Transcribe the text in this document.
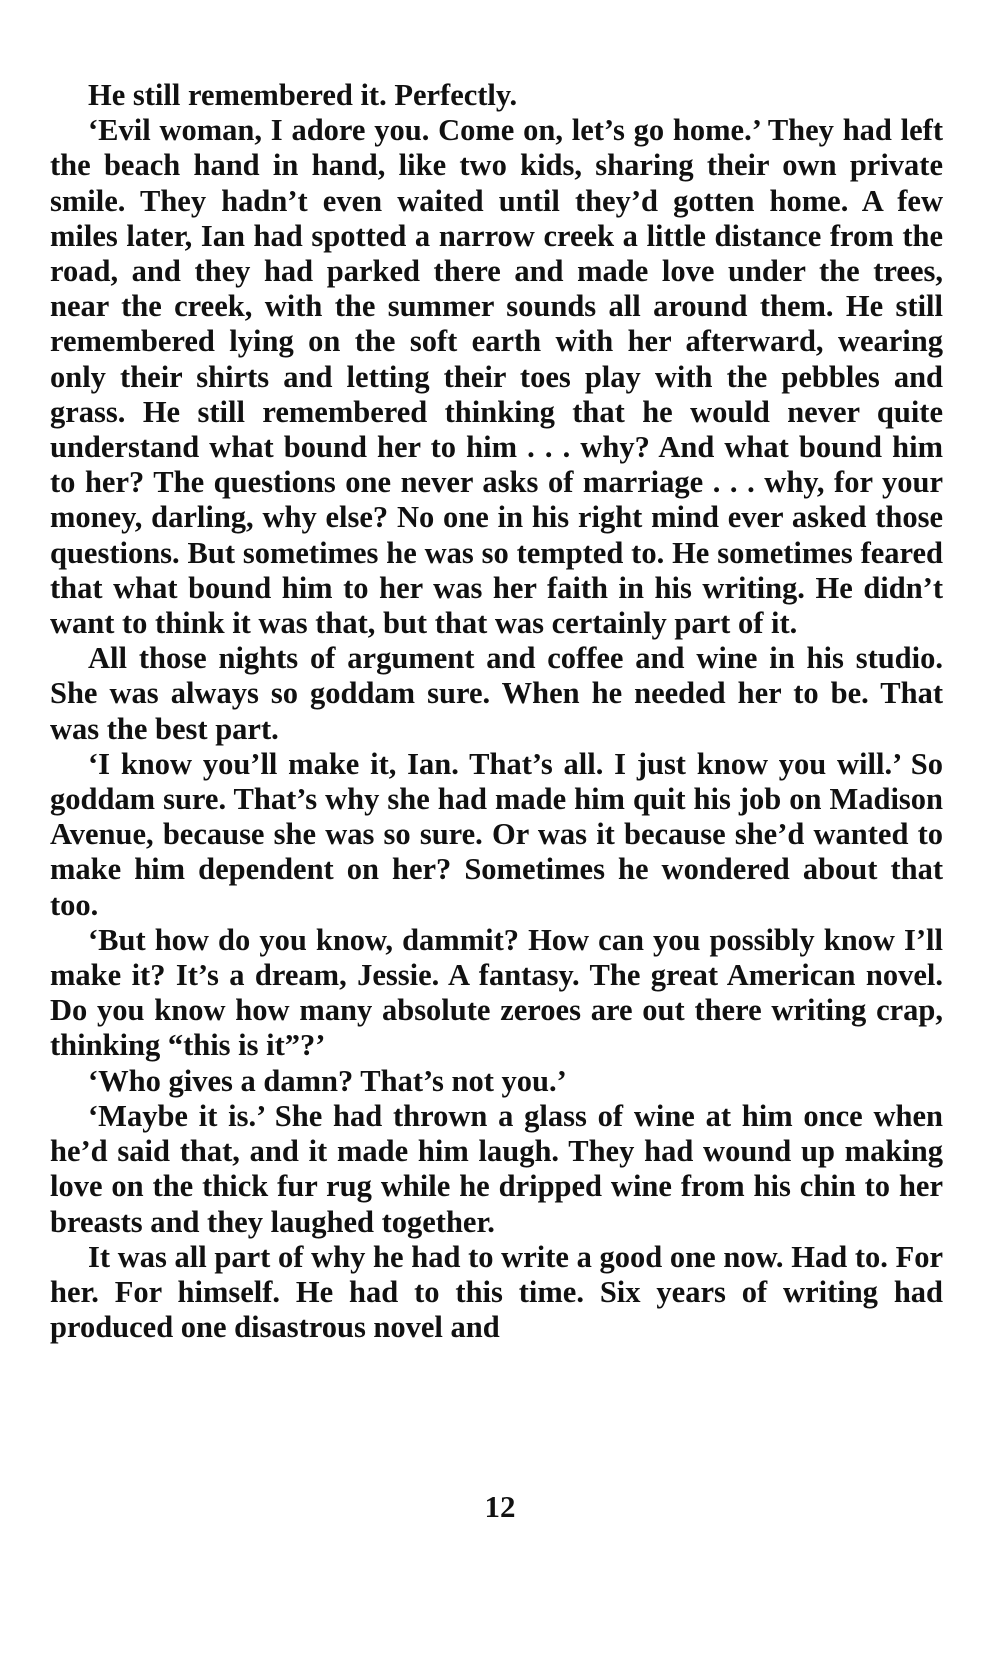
He still remembered it. Perfectly.

‘Evil woman, I adore you. Come on, let’s go home.’ They had left the beach hand in hand, like two kids, sharing their own private smile. They hadn’t even waited until they’d gotten home. A few miles later, Ian had spotted a narrow creek a little distance from the road, and they had parked there and made love under the trees, near the creek, with the summer sounds all around them. He still remembered lying on the soft earth with her afterward, wearing only their shirts and letting their toes play with the pebbles and grass. He still remembered thinking that he would never quite understand what bound her to him . . . why? And what bound him to her? The questions one never asks of marriage . . . why, for your money, darling, why else? No one in his right mind ever asked those questions. But sometimes he was so tempted to. He sometimes feared that what bound him to her was her faith in his writing. He didn’t want to think it was that, but that was certainly part of it.

All those nights of argument and coffee and wine in his studio. She was always so goddam sure. When he needed her to be. That was the best part.

‘I know you’ll make it, Ian. That’s all. I just know you will.’ So goddam sure. That’s why she had made him quit his job on Madison Avenue, because she was so sure. Or was it because she’d wanted to make him dependent on her? Sometimes he wondered about that too.

‘But how do you know, dammit? How can you possibly know I’ll make it? It’s a dream, Jessie. A fantasy. The great American novel. Do you know how many absolute zeroes are out there writing crap, thinking “this is it”?’

‘Who gives a damn? That’s not you.’

‘Maybe it is.’ She had thrown a glass of wine at him once when he’d said that, and it made him laugh. They had wound up making love on the thick fur rug while he dripped wine from his chin to her breasts and they laughed together.

It was all part of why he had to write a good one now. Had to. For her. For himself. He had to this time. Six years of writing had produced one disastrous novel and

12
